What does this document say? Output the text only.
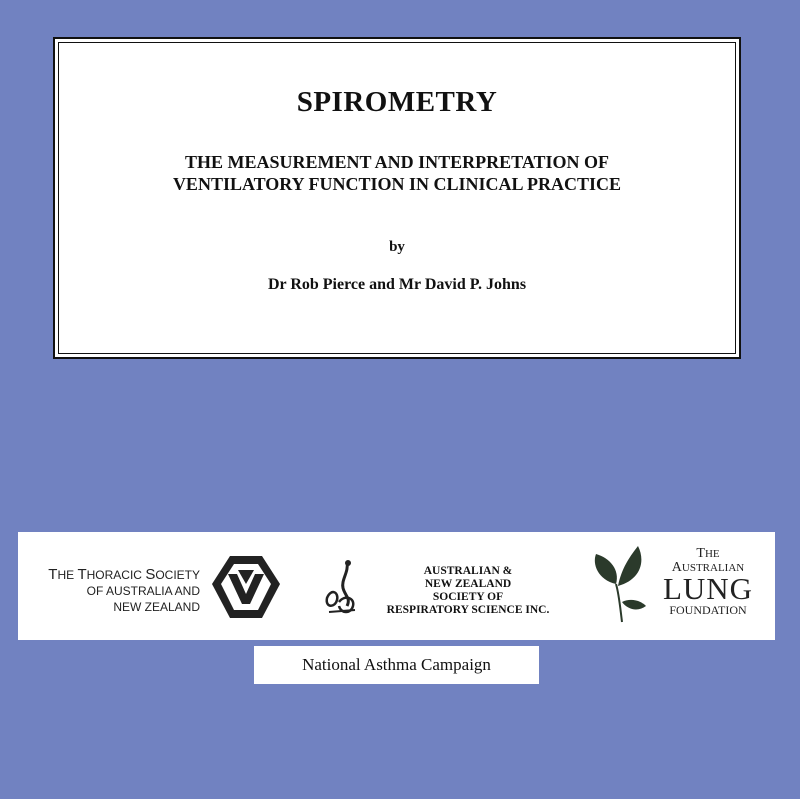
SPIROMETRY
THE MEASUREMENT AND INTERPRETATION OF
VENTILATORY FUNCTION IN CLINICAL PRACTICE
by
Dr Rob Pierce and Mr David P. Johns
THE THORACIC SOCIETY
OF AUSTRALIA AND
NEW ZEALAND
AUSTRALIAN &
NEW ZEALAND
SOCIETY OF
RESPIRATORY SCIENCE INC.
THE
AUSTRALIAN
LUNG
FOUNDATION
National Asthma Campaign
